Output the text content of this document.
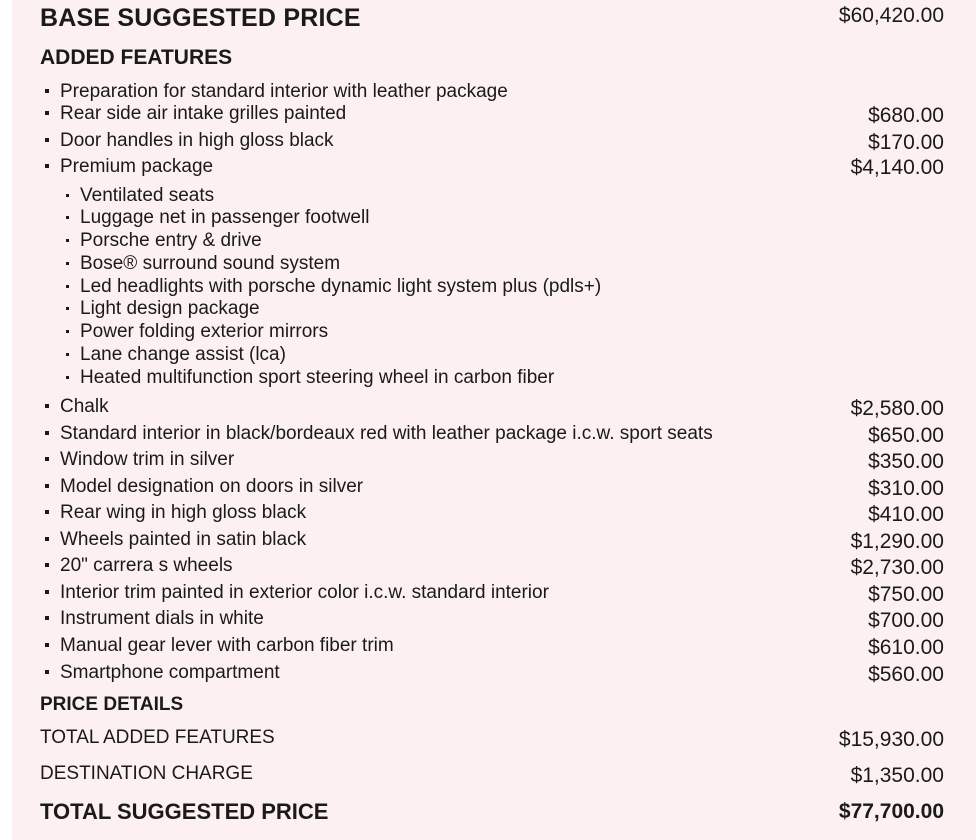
BASE SUGGESTED PRICE	$60,420.00
ADDED FEATURES
Preparation for standard interior with leather package
Rear side air intake grilles painted	$680.00
Door handles in high gloss black	$170.00
Premium package	$4,140.00
Ventilated seats
Luggage net in passenger footwell
Porsche entry & drive
Bose® surround sound system
Led headlights with porsche dynamic light system plus (pdls+)
Light design package
Power folding exterior mirrors
Lane change assist (lca)
Heated multifunction sport steering wheel in carbon fiber
Chalk	$2,580.00
Standard interior in black/bordeaux red with leather package i.c.w. sport seats	$650.00
Window trim in silver	$350.00
Model designation on doors in silver	$310.00
Rear wing in high gloss black	$410.00
Wheels painted in satin black	$1,290.00
20" carrera s wheels	$2,730.00
Interior trim painted in exterior color i.c.w. standard interior	$750.00
Instrument dials in white	$700.00
Manual gear lever with carbon fiber trim	$610.00
Smartphone compartment	$560.00
PRICE DETAILS
TOTAL ADDED FEATURES	$15,930.00
DESTINATION CHARGE	$1,350.00
TOTAL SUGGESTED PRICE	$77,700.00
